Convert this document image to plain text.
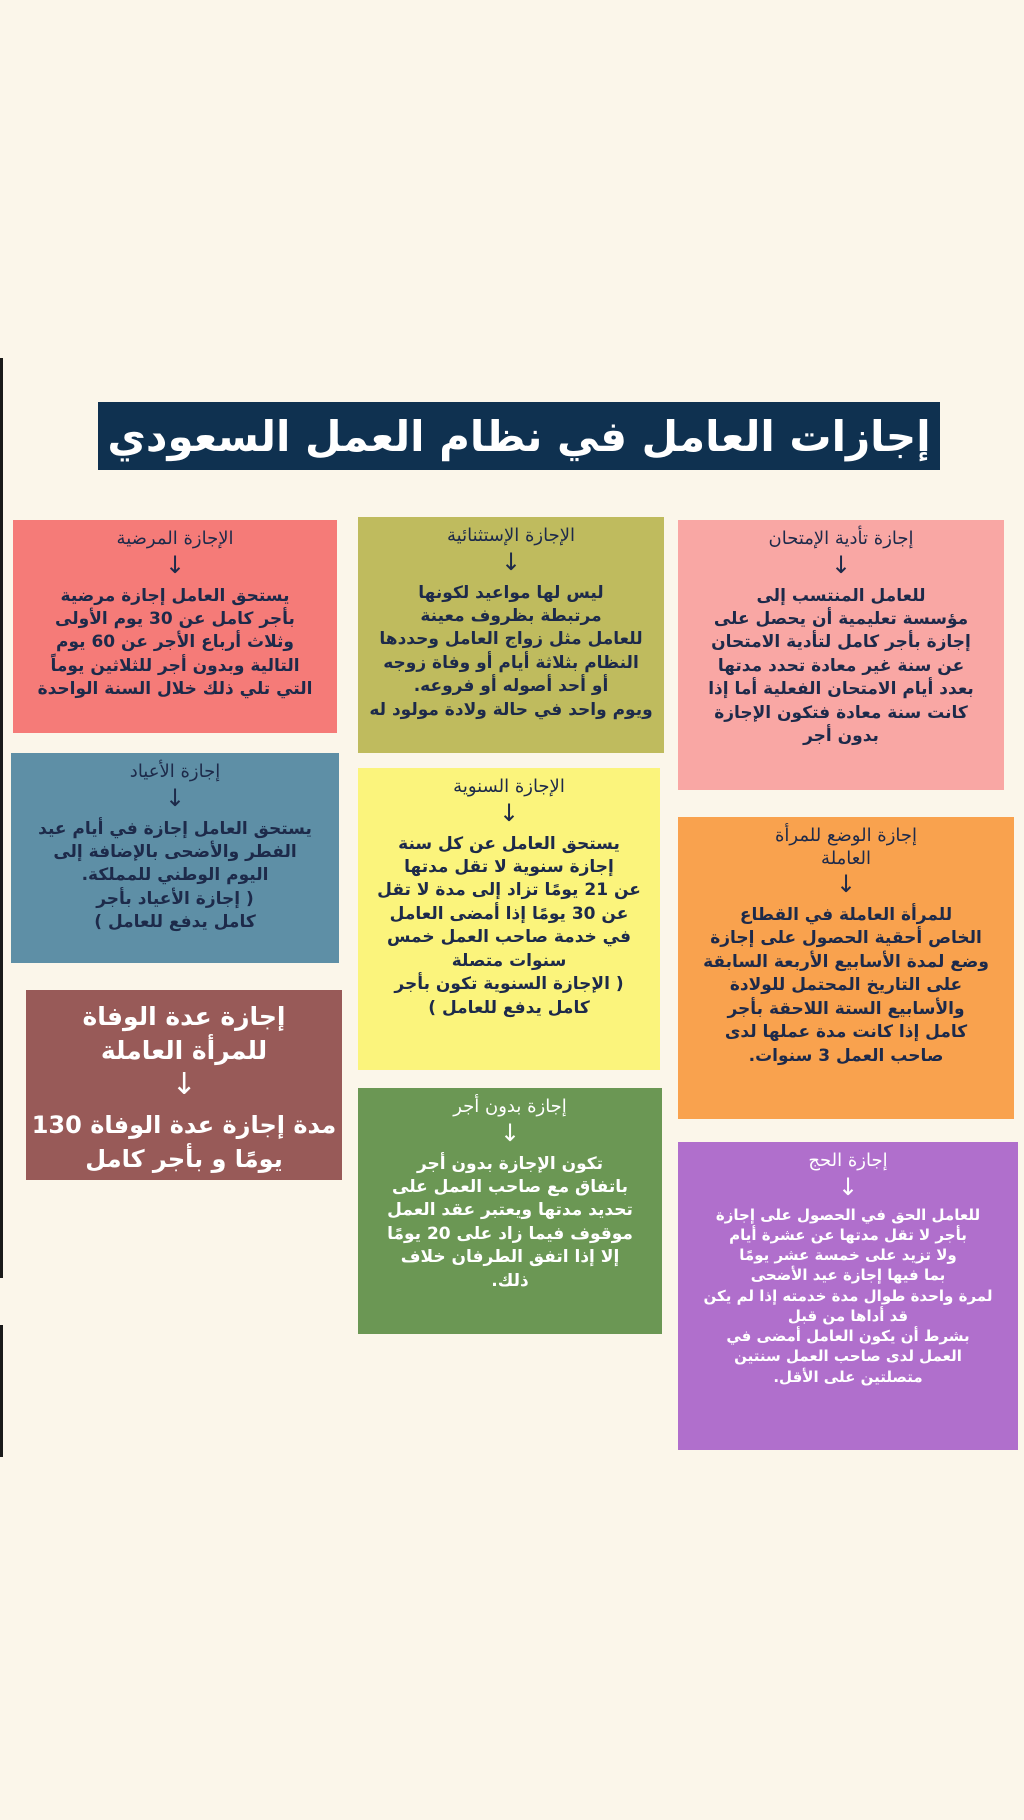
إجازات العامل في نظام العمل السعودي
الإجازة المرضية
↓
يستحق العامل إجازة مرضية
بأجر كامل عن 30 يوم الأولى
وثلاث أرباع الأجر عن 60 يوم
التالية وبدون أجر للثلاثين يوماً
التي تلي ذلك خلال السنة الواحدة
إجازة الأعياد
↓
يستحق العامل إجازة في أيام عيد
الفطر والأضحى بالإضافة إلى
اليوم الوطني للمملكة.
( إجازة الأعياد بأجر
كامل يدفع للعامل )
إجازة عدة الوفاة
للمرأة العاملة
↓
مدة إجازة عدة الوفاة 130
يومًا و بأجر كامل
الإجازة الإستثنائية
↓
ليس لها مواعيد لكونها
مرتبطة بظروف معينة
للعامل مثل زواج العامل وحددها
النظام بثلاثة أيام أو وفاة زوجه
أو أحد أصوله أو فروعه.
ويوم واحد في حالة ولادة مولود له
الإجازة السنوية
↓
يستحق العامل عن كل سنة
إجازة سنوية لا تقل مدتها
عن 21 يومًا تزاد إلى مدة لا تقل
عن 30 يومًا إذا أمضى العامل
في خدمة صاحب العمل خمس
سنوات متصلة
( الإجازة السنوية تكون بأجر
كامل يدفع للعامل )
إجازة بدون أجر
↓
تكون الإجازة بدون أجر
باتفاق مع صاحب العمل على
تحديد مدتها ويعتبر عقد العمل
موقوف فيما زاد على 20 يومًا
إلا إذا اتفق الطرفان خلاف
ذلك.
إجازة تأدية الإمتحان
↓
للعامل المنتسب إلى
مؤسسة تعليمية أن يحصل على
إجازة بأجر كامل لتأدية الامتحان
عن سنة غير معادة تحدد مدتها
بعدد أيام الامتحان الفعلية أما إذا
كانت سنة معادة فتكون الإجازة
بدون أجر
إجازة الوضع للمرأة
العاملة
↓
للمرأة العاملة في القطاع
الخاص أحقية الحصول على إجازة
وضع لمدة الأسابيع الأربعة السابقة
على التاريخ المحتمل للولادة
والأسابيع الستة اللاحقة بأجر
كامل إذا كانت مدة عملها لدى
صاحب العمل 3 سنوات.
إجازة الحج
↓
للعامل الحق في الحصول على إجازة
بأجر لا تقل مدتها عن عشرة أيام
ولا تزيد على خمسة عشر يومًا
بما فيها إجازة عيد الأضحى
لمرة واحدة طوال مدة خدمته إذا لم يكن
قد أداها من قبل
بشرط أن يكون العامل أمضى في
العمل لدى صاحب العمل سنتين
متصلتين على الأقل.
